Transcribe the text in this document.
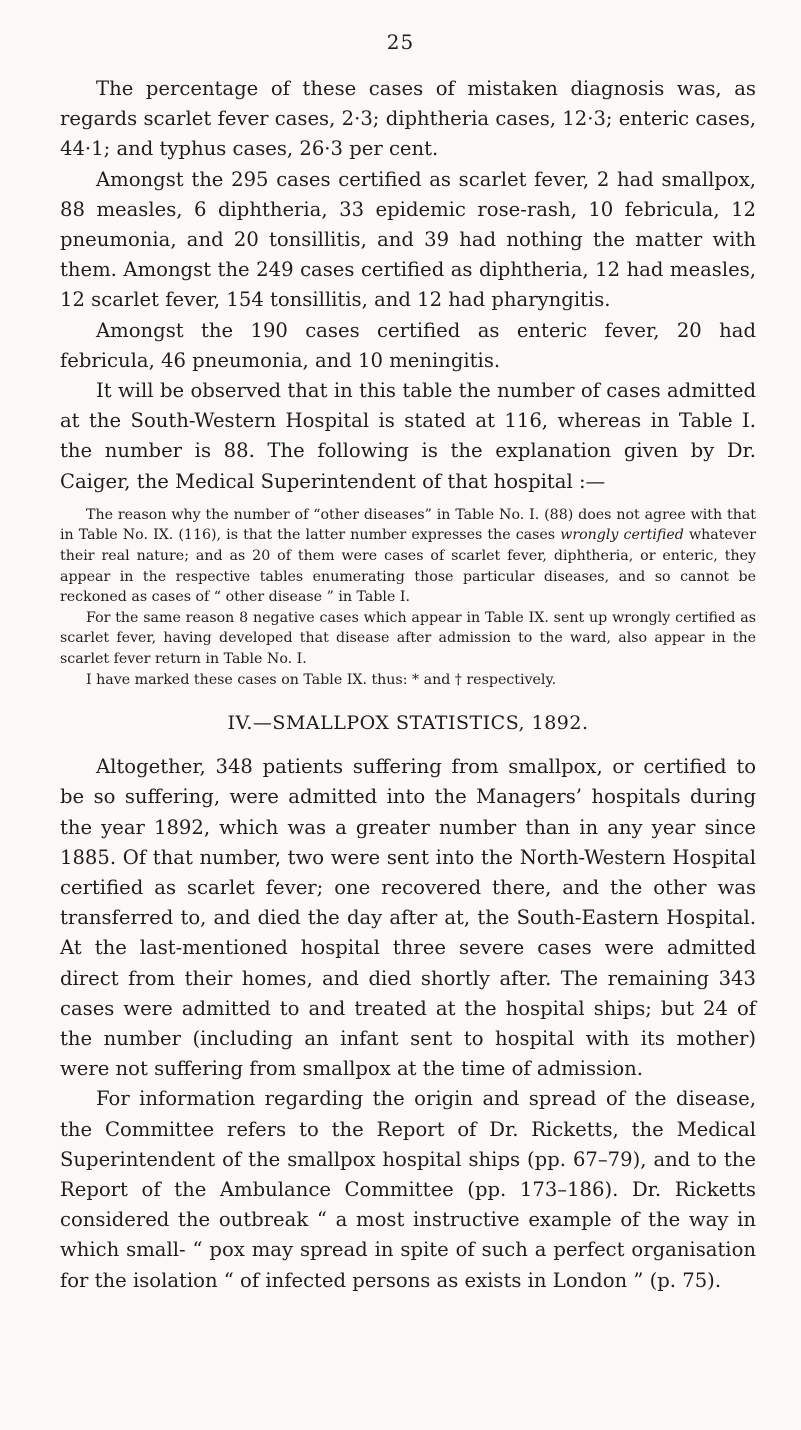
25

The percentage of these cases of mistaken diagnosis was, as regards scarlet fever cases, 2·3; diphtheria cases, 12·3; enteric cases, 44·1; and typhus cases, 26·3 per cent.

Amongst the 295 cases certified as scarlet fever, 2 had smallpox, 88 measles, 6 diphtheria, 33 epidemic rose-rash, 10 febricula, 12 pneumonia, and 20 tonsillitis, and 39 had nothing the matter with them. Amongst the 249 cases certified as diphtheria, 12 had measles, 12 scarlet fever, 154 tonsillitis, and 12 had pharyngitis.

Amongst the 190 cases certified as enteric fever, 20 had febricula, 46 pneumonia, and 10 meningitis.

It will be observed that in this table the number of cases admitted at the South-Western Hospital is stated at 116, whereas in Table I. the number is 88. The following is the explanation given by Dr. Caiger, the Medical Superintendent of that hospital :—

The reason why the number of “other diseases” in Table No. I. (88) does not agree with that in Table No. IX. (116), is that the latter number expresses the cases wrongly certified whatever their real nature; and as 20 of them were cases of scarlet fever, diphtheria, or enteric, they appear in the respective tables enumerating those particular diseases, and so cannot be reckoned as cases of “ other disease ” in Table I.

For the same reason 8 negative cases which appear in Table IX. sent up wrongly certified as scarlet fever, having developed that disease after admission to the ward, also appear in the scarlet fever return in Table No. I.

I have marked these cases on Table IX. thus: * and † respectively.

IV.—SMALLPOX STATISTICS, 1892.

Altogether, 348 patients suffering from smallpox, or certified to be so suffering, were admitted into the Managers’ hospitals during the year 1892, which was a greater number than in any year since 1885. Of that number, two were sent into the North-Western Hospital certified as scarlet fever; one recovered there, and the other was transferred to, and died the day after at, the South-Eastern Hospital. At the last-mentioned hospital three severe cases were admitted direct from their homes, and died shortly after. The remaining 343 cases were admitted to and treated at the hospital ships; but 24 of the number (including an infant sent to hospital with its mother) were not suffering from smallpox at the time of admission.

For information regarding the origin and spread of the disease, the Committee refers to the Report of Dr. Ricketts, the Medical Superintendent of the smallpox hospital ships (pp. 67–79), and to the Report of the Ambulance Committee (pp. 173–186). Dr. Ricketts considered the outbreak “ a most instructive example of the way in which small- “ pox may spread in spite of such a perfect organisation for the isolation “ of infected persons as exists in London ” (p. 75).
